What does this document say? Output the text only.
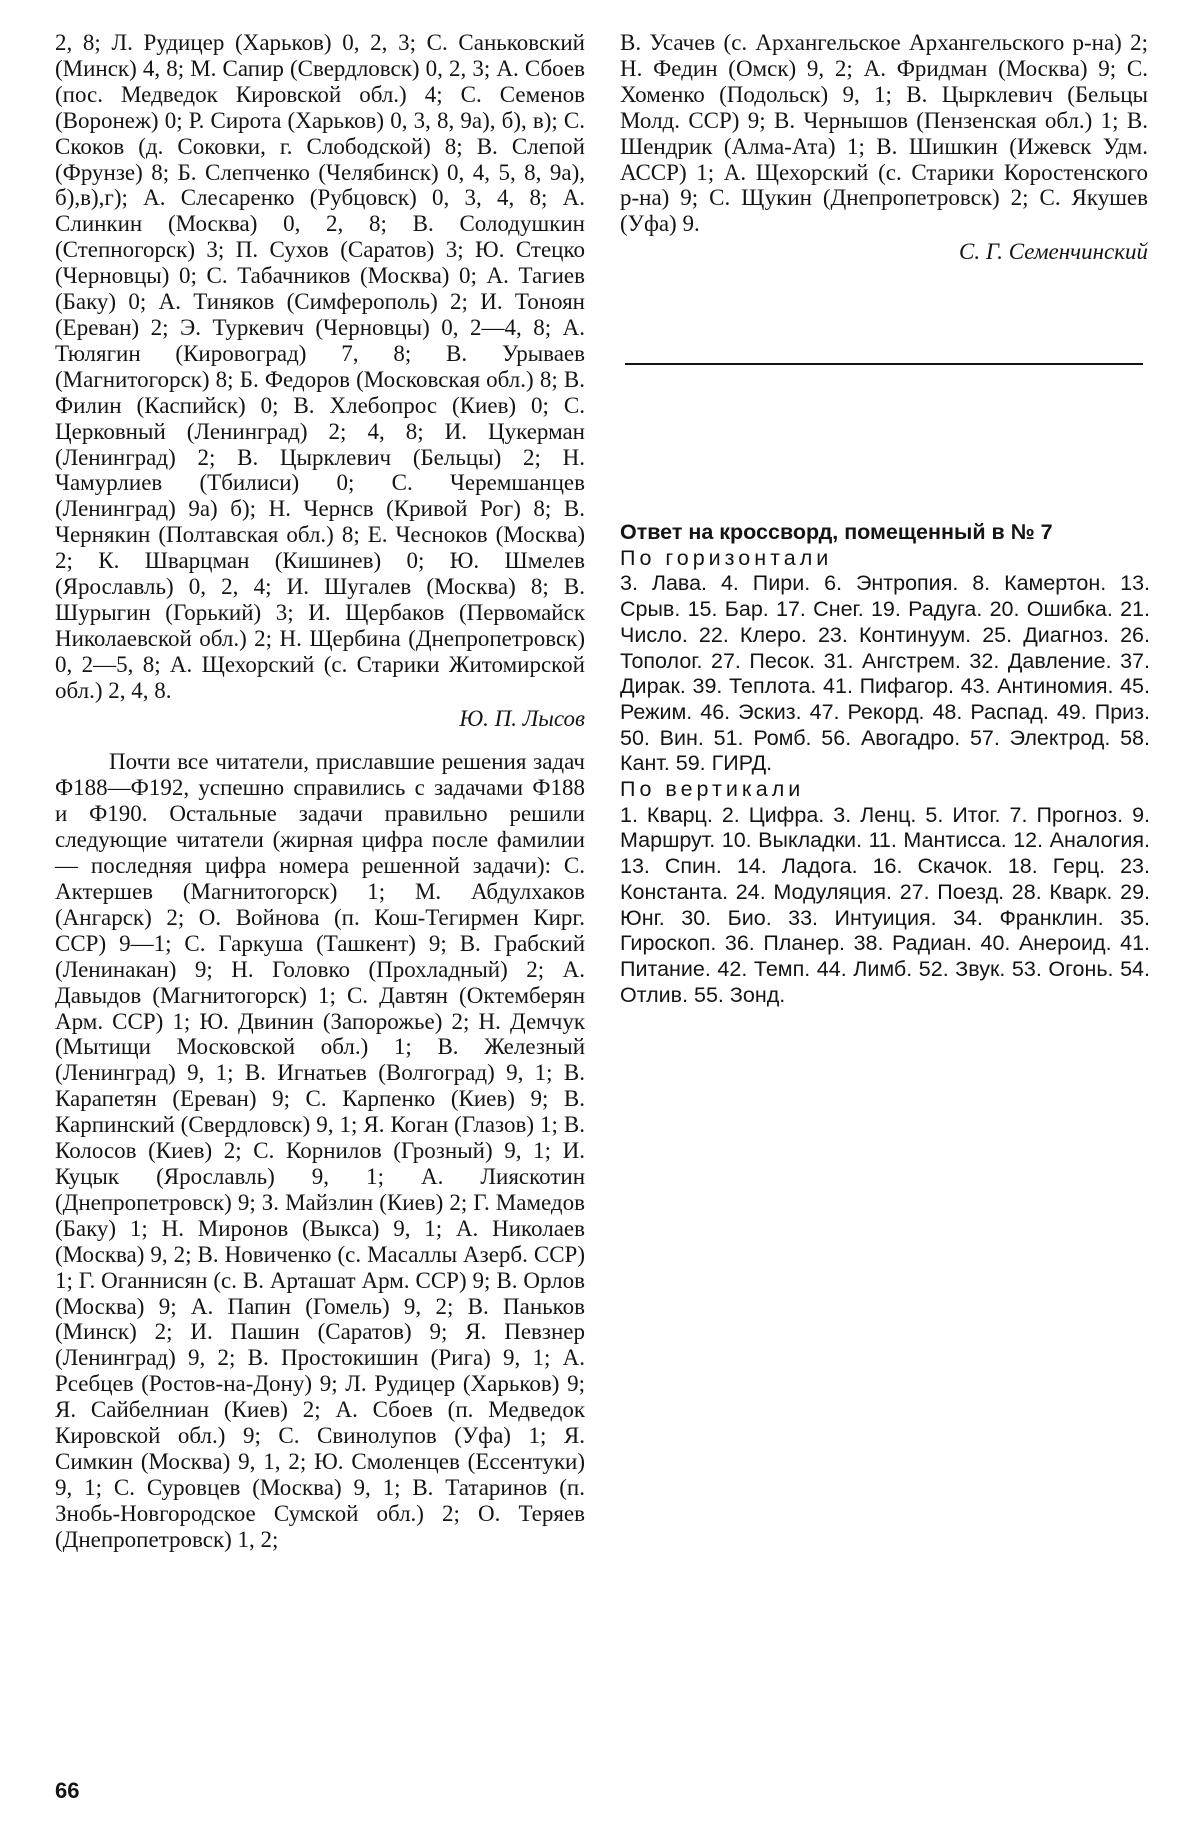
2, 8; Л. Рудицер (Харьков) 0, 2, 3; С. Саньковский (Минск) 4, 8; М. Сапир (Свердловск) 0, 2, 3; А. Сбоев (пос. Медведок Кировской обл.) 4; С. Семенов (Воронеж) 0; Р. Сирота (Харьков) 0, 3, 8, 9а), б), в); С. Скоков (д. Соковки, г. Слободской) 8; В. Слепой (Фрунзе) 8; Б. Слепченко (Челябинск) 0, 4, 5, 8, 9а), б),в),г); А. Слесаренко (Рубцовск) 0, 3, 4, 8; А. Слинкин (Москва) 0, 2, 8; В. Солодушкин (Степногорск) 3; П. Сухов (Саратов) 3; Ю. Стецко (Черновцы) 0; С. Табачников (Москва) 0; А. Тагиев (Баку) 0; А. Тиняков (Симферополь) 2; И. Тоноян (Ереван) 2; Э. Туркевич (Черновцы) 0, 2—4, 8; А. Тюлягин (Кировоград) 7, 8; В. Урываев (Магнитогорск) 8; Б. Федоров (Московская обл.) 8; В. Филин (Каспийск) 0; В. Хлебопрос (Киев) 0; С. Церковный (Ленинград) 2; 4, 8; И. Цукерман (Ленинград) 2; В. Цырклевич (Бельцы) 2; Н. Чамурлиев (Тбилиси) 0; С. Черемшанцев (Ленинград) 9а) б); Н. Чернсв (Кривой Рог) 8; В. Чернякин (Полтавская обл.) 8; Е. Чесноков (Москва) 2; К. Шварцман (Кишинев) 0; Ю. Шмелев (Ярославль) 0, 2, 4; И. Шугалев (Москва) 8; В. Шурыгин (Горький) 3; И. Щербаков (Первомайск Николаевской обл.) 2; Н. Щербина (Днепропетровск) 0, 2—5, 8; А. Щехорский (с. Старики Житомирской обл.) 2, 4, 8.

Ю. П. Лысов

Почти все читатели, приславшие решения задач Ф188—Ф192, успешно справились с задачами Ф188 и Ф190. Остальные задачи правильно решили следующие читатели (жирная цифра после фамилии — последняя цифра номера решенной задачи): С. Актершев (Магнитогорск) 1; М. Абдулхаков (Ангарск) 2; О. Войнова (п. Кош-Тегирмен Кирг. ССР) 9—1; С. Гаркуша (Ташкент) 9; В. Грабский (Ленинакан) 9; Н. Головко (Прохладный) 2; А. Давыдов (Магнитогорск) 1; С. Давтян (Октемберян Арм. ССР) 1; Ю. Двинин (Запорожье) 2; Н. Демчук (Мытищи Московской обл.) 1; В. Железный (Ленинград) 9, 1; В. Игнатьев (Волгоград) 9, 1; В. Карапетян (Ереван) 9; С. Карпенко (Киев) 9; В. Карпинский (Свердловск) 9, 1; Я. Коган (Глазов) 1; В. Колосов (Киев) 2; С. Корнилов (Грозный) 9, 1; И. Куцык (Ярославль) 9, 1; А. Лияскотин (Днепропетровск) 9; З. Майзлин (Киев) 2; Г. Мамедов (Баку) 1; Н. Миронов (Выкса) 9, 1; А. Николаев (Москва) 9, 2; В. Новиченко (с. Масаллы Азерб. ССР) 1; Г. Оганнисян (с. В. Арташат Арм. ССР) 9; В. Орлов (Москва) 9; А. Папин (Гомель) 9, 2; В. Паньков (Минск) 2; И. Пашин (Саратов) 9; Я. Певзнер (Ленинград) 9, 2; В. Простокишин (Рига) 9, 1; А. Рсебцев (Ростов-на-Дону) 9; Л. Рудицер (Харьков) 9; Я. Сайбелниан (Киев) 2; А. Сбоев (п. Медведок Кировской обл.) 9; С. Свинолупов (Уфа) 1; Я. Симкин (Москва) 9, 1, 2; Ю. Смоленцев (Ессентуки) 9, 1; С. Суровцев (Москва) 9, 1; В. Татаринов (п. Знобь-Новгородское Сумской обл.) 2; О. Теряев (Днепропетровск) 1, 2;

В. Усачев (с. Архангельское Архангельского р-на) 2; Н. Федин (Омск) 9, 2; А. Фридман (Москва) 9; С. Хоменко (Подольск) 9, 1; В. Цырклевич (Бельцы Молд. ССР) 9; В. Чернышов (Пензенская обл.) 1; В. Шендрик (Алма-Ата) 1; В. Шишкин (Ижевск Удм. АССР) 1; А. Щехорский (с. Старики Коростенского р-на) 9; С. Щукин (Днепропетровск) 2; С. Якушев (Уфа) 9.

С. Г. Семенчинский

Ответ на кроссворд, помещенный в № 7

По горизонтали

3. Лава. 4. Пири. 6. Энтропия. 8. Камертон. 13. Срыв. 15. Бар. 17. Снег. 19. Радуга. 20. Ошибка. 21. Число. 22. Клеро. 23. Континуум. 25. Диагноз. 26. Тополог. 27. Песок. 31. Ангстрем. 32. Давление. 37. Дирак. 39. Теплота. 41. Пифагор. 43. Антиномия. 45. Режим. 46. Эскиз. 47. Рекорд. 48. Распад. 49. Приз. 50. Вин. 51. Ромб. 56. Авогадро. 57. Электрод. 58. Кант. 59. ГИРД.

По вертикали

1. Кварц. 2. Цифра. 3. Ленц. 5. Итог. 7. Прогноз. 9. Маршрут. 10. Выкладки. 11. Мантисса. 12. Аналогия. 13. Спин. 14. Ладога. 16. Скачок. 18. Герц. 23. Константа. 24. Модуляция. 27. Поезд. 28. Кварк. 29. Юнг. 30. Био. 33. Интуиция. 34. Франклин. 35. Гироскоп. 36. Планер. 38. Радиан. 40. Анероид. 41. Питание. 42. Темп. 44. Лимб. 52. Звук. 53. Огонь. 54. Отлив. 55. Зонд.

66
